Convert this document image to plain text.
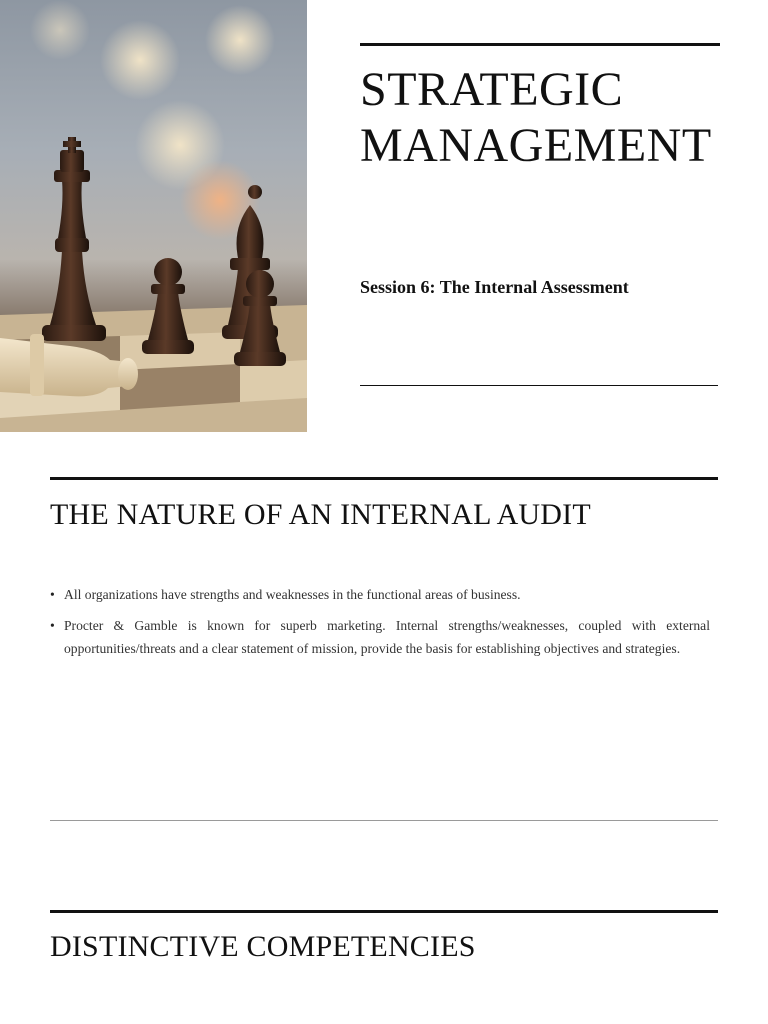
STRATEGIC
MANAGEMENT
Session 6: The Internal Assessment
THE NATURE OF AN INTERNAL AUDIT
• All organizations have strengths and weaknesses in the functional areas of business.
• Procter & Gamble is known for superb marketing. Internal strengths/weaknesses, coupled with external opportunities/threats and a clear statement of mission, provide the basis for establishing objectives and strategies.
DISTINCTIVE COMPETENCIES
